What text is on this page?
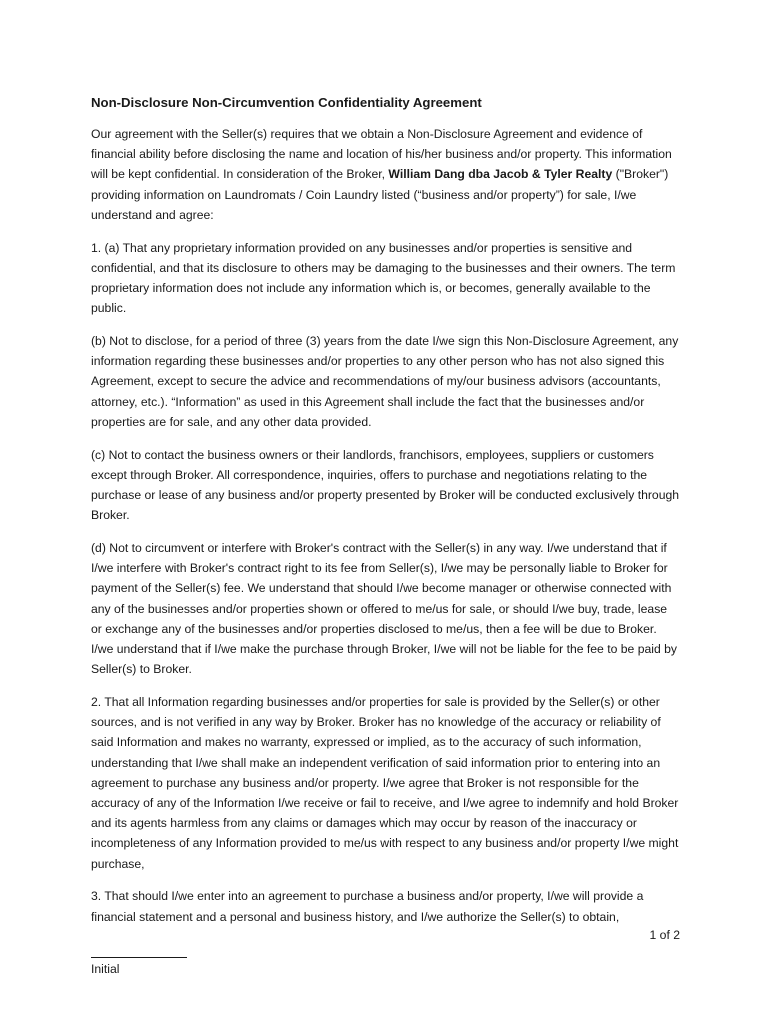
Non-Disclosure Non-Circumvention Confidentiality Agreement

Our agreement with the Seller(s) requires that we obtain a Non-Disclosure Agreement and evidence of financial ability before disclosing the name and location of his/her business and/or property. This information will be kept confidential. In consideration of the Broker, William Dang dba Jacob & Tyler Realty ("Broker") providing information on Laundromats / Coin Laundry listed (“business and/or property”) for sale, I/we understand and agree:

1. (a) That any proprietary information provided on any businesses and/or properties is sensitive and confidential, and that its disclosure to others may be damaging to the businesses and their owners. The term proprietary information does not include any information which is, or becomes, generally available to the public.

(b) Not to disclose, for a period of three (3) years from the date I/we sign this Non-Disclosure Agreement, any information regarding these businesses and/or properties to any other person who has not also signed this Agreement, except to secure the advice and recommendations of my/our business advisors (accountants, attorney, etc.). “Information” as used in this Agreement shall include the fact that the businesses and/or properties are for sale, and any other data provided.

(c) Not to contact the business owners or their landlords, franchisors, employees, suppliers or customers except through Broker. All correspondence, inquiries, offers to purchase and negotiations relating to the purchase or lease of any business and/or property presented by Broker will be conducted exclusively through Broker.

(d) Not to circumvent or interfere with Broker's contract with the Seller(s) in any way. I/we understand that if I/we interfere with Broker's contract right to its fee from Seller(s), I/we may be personally liable to Broker for payment of the Seller(s) fee. We understand that should I/we become manager or otherwise connected with any of the businesses and/or properties shown or offered to me/us for sale, or should I/we buy, trade, lease or exchange any of the businesses and/or properties disclosed to me/us, then a fee will be due to Broker. I/we understand that if I/we make the purchase through Broker, I/we will not be liable for the fee to be paid by Seller(s) to Broker.

2. That all Information regarding businesses and/or properties for sale is provided by the Seller(s) or other sources, and is not verified in any way by Broker. Broker has no knowledge of the accuracy or reliability of said Information and makes no warranty, expressed or implied, as to the accuracy of such information, understanding that I/we shall make an independent verification of said information prior to entering into an agreement to purchase any business and/or property. I/we agree that Broker is not responsible for the accuracy of any of the Information I/we receive or fail to receive, and I/we agree to indemnify and hold Broker and its agents harmless from any claims or damages which may occur by reason of the inaccuracy or incompleteness of any Information provided to me/us with respect to any business and/or property I/we might purchase,

3. That should I/we enter into an agreement to purchase a business and/or property, I/we will provide a financial statement and a personal and business history, and I/we authorize the Seller(s) to obtain,

1 of 2
Initial
